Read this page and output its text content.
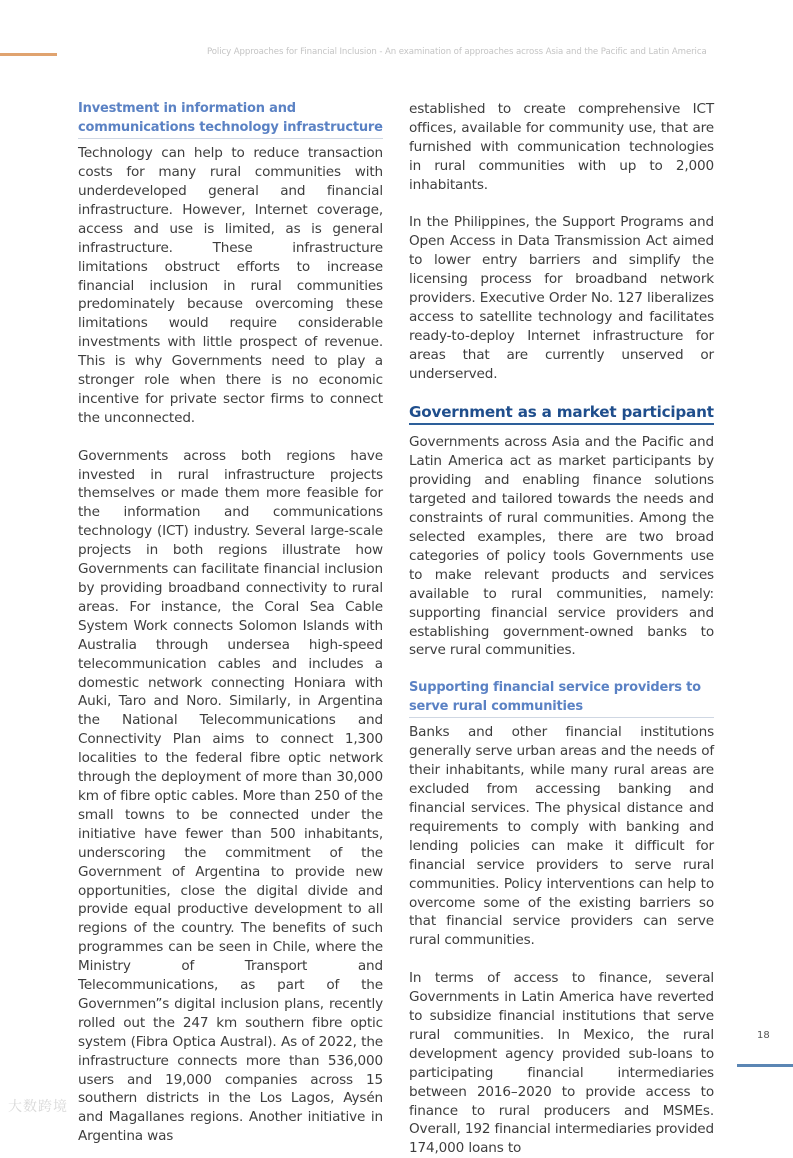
Policy Approaches for Financial Inclusion - An examination of approaches across Asia and the Pacific and Latin America
Investment in information and communications technology infrastructure

Technology can help to reduce transaction costs for many rural communities with underdeveloped general and financial infrastructure. However, Internet coverage, access and use is limited, as is general infrastructure. These infrastructure limitations obstruct efforts to increase financial inclusion in rural communities predominately because overcoming these limitations would require considerable investments with little prospect of revenue. This is why Governments need to play a stronger role when there is no economic incentive for private sector firms to connect the unconnected.

Governments across both regions have invested in rural infrastructure projects themselves or made them more feasible for the information and communications technology (ICT) industry. Several large-scale projects in both regions illustrate how Governments can facilitate financial inclusion by providing broadband connectivity to rural areas. For instance, the Coral Sea Cable System Work connects Solomon Islands with Australia through undersea high-speed telecommunication cables and includes a domestic network connecting Honiara with Auki, Taro and Noro. Similarly, in Argentina the National Telecommunications and Connectivity Plan aims to connect 1,300 localities to the federal fibre optic network through the deployment of more than 30,000 km of fibre optic cables. More than 250 of the small towns to be connected under the initiative have fewer than 500 inhabitants, underscoring the commitment of the Government of Argentina to provide new opportunities, close the digital divide and provide equal productive development to all regions of the country. The benefits of such programmes can be seen in Chile, where the Ministry of Transport and Telecommunications, as part of the Governmen”s digital inclusion plans, recently rolled out the 247 km southern fibre optic system (Fibra Optica Austral). As of 2022, the infrastructure connects more than 536,000 users and 19,000 companies across 15 southern districts in the Los Lagos, Aysén and Magallanes regions. Another initiative in Argentina was

established to create comprehensive ICT offices, available for community use, that are furnished with communication technologies in rural communities with up to 2,000 inhabitants.

In the Philippines, the Support Programs and Open Access in Data Transmission Act aimed to lower entry barriers and simplify the licensing process for broadband network providers. Executive Order No. 127 liberalizes access to satellite technology and facilitates ready-to-deploy Internet infrastructure for areas that are currently unserved or underserved.

Government as a market participant

Governments across Asia and the Pacific and Latin America act as market participants by providing and enabling finance solutions targeted and tailored towards the needs and constraints of rural communities. Among the selected examples, there are two broad categories of policy tools Governments use to make relevant products and services available to rural communities, namely: supporting financial service providers and establishing government-owned banks to serve rural communities.

Supporting financial service providers to serve rural communities

Banks and other financial institutions generally serve urban areas and the needs of their inhabitants, while many rural areas are excluded from accessing banking and financial services. The physical distance and requirements to comply with banking and lending policies can make it difficult for financial service providers to serve rural communities. Policy interventions can help to overcome some of the existing barriers so that financial service providers can serve rural communities.

In terms of access to finance, several Governments in Latin America have reverted to subsidize financial institutions that serve rural communities. In Mexico, the rural development agency provided sub-loans to participating financial intermediaries between 2016–2020 to provide access to finance to rural producers and MSMEs. Overall, 192 financial intermediaries provided 174,000 loans to

18
大数跨境
